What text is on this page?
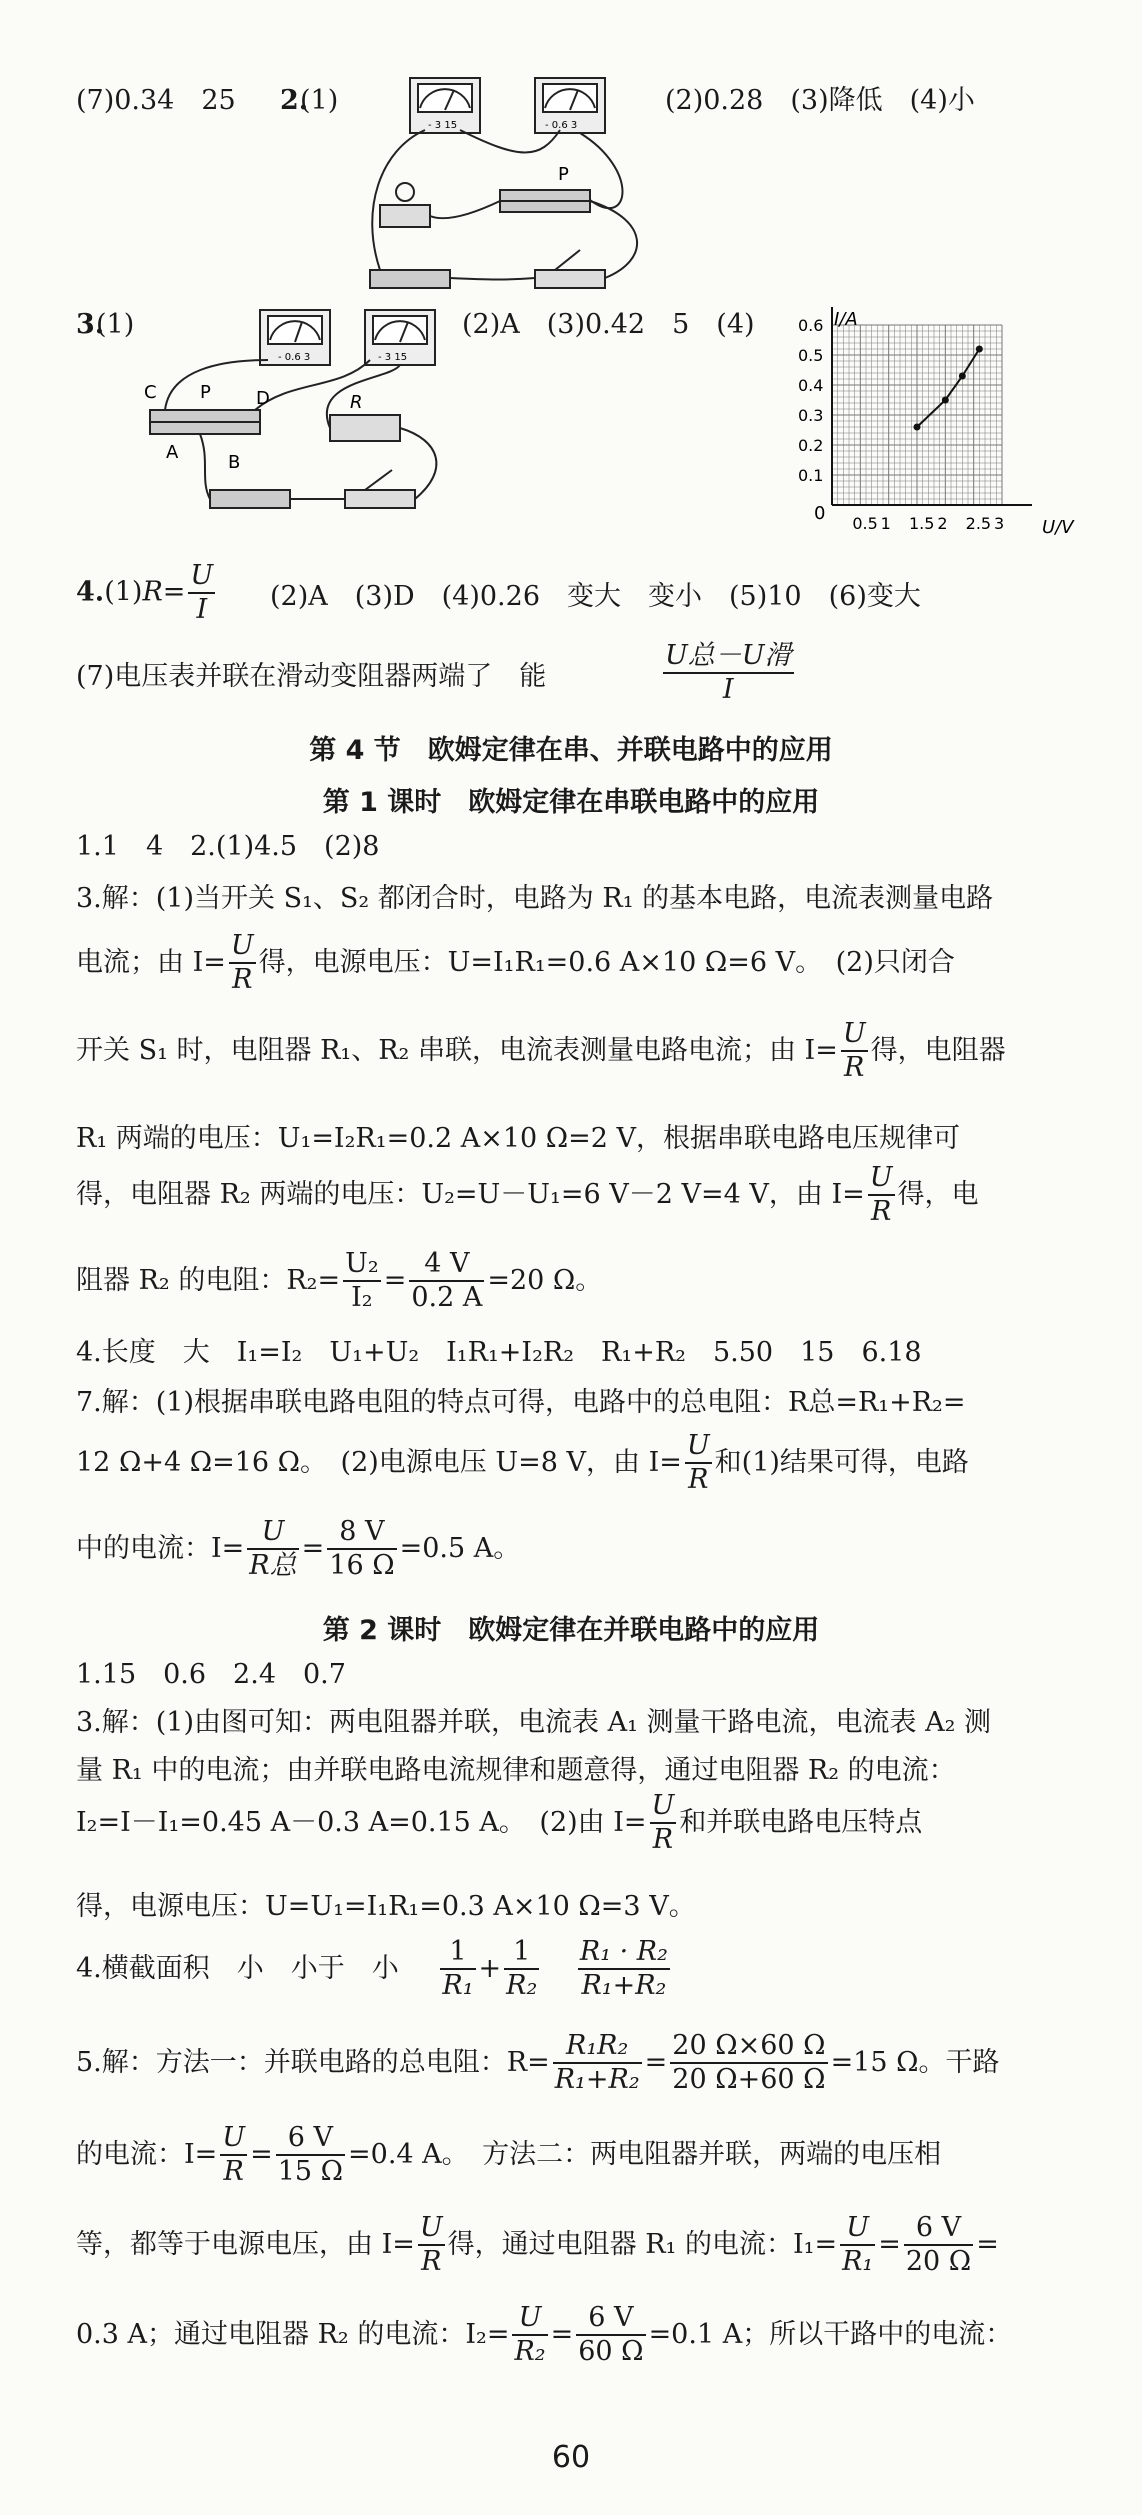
(7)0.34　25 2.
(1)	(2)0.28　(3)降低　(4)小
- 3 15	- 0.6 3
P
3.
(1)	(2)A　(3)0.42　5　(4)
C P	D
A	B
R
- 0.6 3	- 3 15
0.5 1 1.5 2 2.5 3
0.1
0.2
0.3
0.4
0.5
0.6 I/A
U/V
0
$4.(1)R= \frac{U}{I} (2)A$　(3)D　(4)0.26　变大　变小　(5)10　(6)变大
(7)电压表并联在滑动变阻器两端了　能	$\frac{\text{U总－U滑}}{I}$
第 4 节　欧姆定律在串、并联电路中的应用
第 1 课时　欧姆定律在串联电路中的应用
1.1　4　2.(1)4.5　(2)8
3.解：(1)当开关 S₁、S₂ 都闭合时，电路为 R₁ 的基本电路，电流表测量电路
电流；由 $I= \frac{U}{R}$ 得，电源电压：U=I₁R₁=0.6 A×10 Ω=6 V。　(2)只闭合
开关 S₁ 时，电阻器 R₁、R₂ 串联，电流表测量电路电流；由 $I= \frac{U}{R}$ 得，电阻器
R₁ 两端的电压：U₁=I₂R₁=0.2 A×10 Ω=2 V，根据串联电路电压规律可
得，电阻器 R₂ 两端的电压：U₂=U－U₁=6 V－2 V=4 V，由 $I= \frac{U}{R}$ 得，电
阻器 R₂ 的电阻：$R_2= \frac{\text{U₂}}{\text{I₂}} = \frac{4 V}{0.2 A} =20$ Ω。
4.长度　大　I₁=I₂　U₁+U₂　I₁R₁+I₂R₂　R₁+R₂　5.50　15　6.18
7.解：(1)根据串联电路电阻的特点可得，电路中的总电阻：R总=R₁+R₂=
12 Ω+4 Ω=16 Ω。　(2)电源电压 U=8 V，由 $I= \frac{U}{R}$ 和(1)结果可得，电路
中的电流：$I= \frac{U}{\text{R总}} = \frac{8 V}{16 \Omega} =0.5$ A。
第 2 课时　欧姆定律在并联电路中的应用
1.15　0.6　2.4　0.7
3.解：(1)由图可知：两电阻器并联，电流表 A₁ 测量干路电流，电流表 A₂ 测
量 R₁ 中的电流；由并联电路电流规律和题意得，通过电阻器 R₂ 的电流：
I₂=I－I₁=0.45 A－0.3 A=0.15 A。　(2)由 $I= \frac{U}{R}$ 和并联电路电压特点
得，电源电压：U=U₁=I₁R₁=0.3 A×10 Ω=3 V。
4.横截面积　小　小于　小 $\frac{1}{\text{R₁}} + \frac{1}{\text{R₂}}$
$\frac{\text{R₁ · R₂}}{\text{R₁+R₂}}$
5.解：方法一：并联电路的总电阻：$R= \frac{\text{R₁R₂}}{\text{R₁+R₂}} = \frac{20 \Omega\times 60 \Omega}{20 \Omega+60 \Omega} =15$ Ω。干路
的电流：$I= \frac{U}{R} = \frac{6 V}{15 \Omega} =0.4$ A。　方法二：两电阻器并联，两端的电压相
等，都等于电源电压，由 $I= \frac{U}{R}$ 得，通过电阻器 R₁ 的电流：$I_1= \frac{U}{\text{R₁}} = \frac{6 V}{20 \Omega}$ =
0.3 A；通过电阻器 R₂ 的电流：$I_2= \frac{U}{\text{R₂}} = \frac{6 V}{60 \Omega} =0.1$ A；所以干路中的电流：
60
